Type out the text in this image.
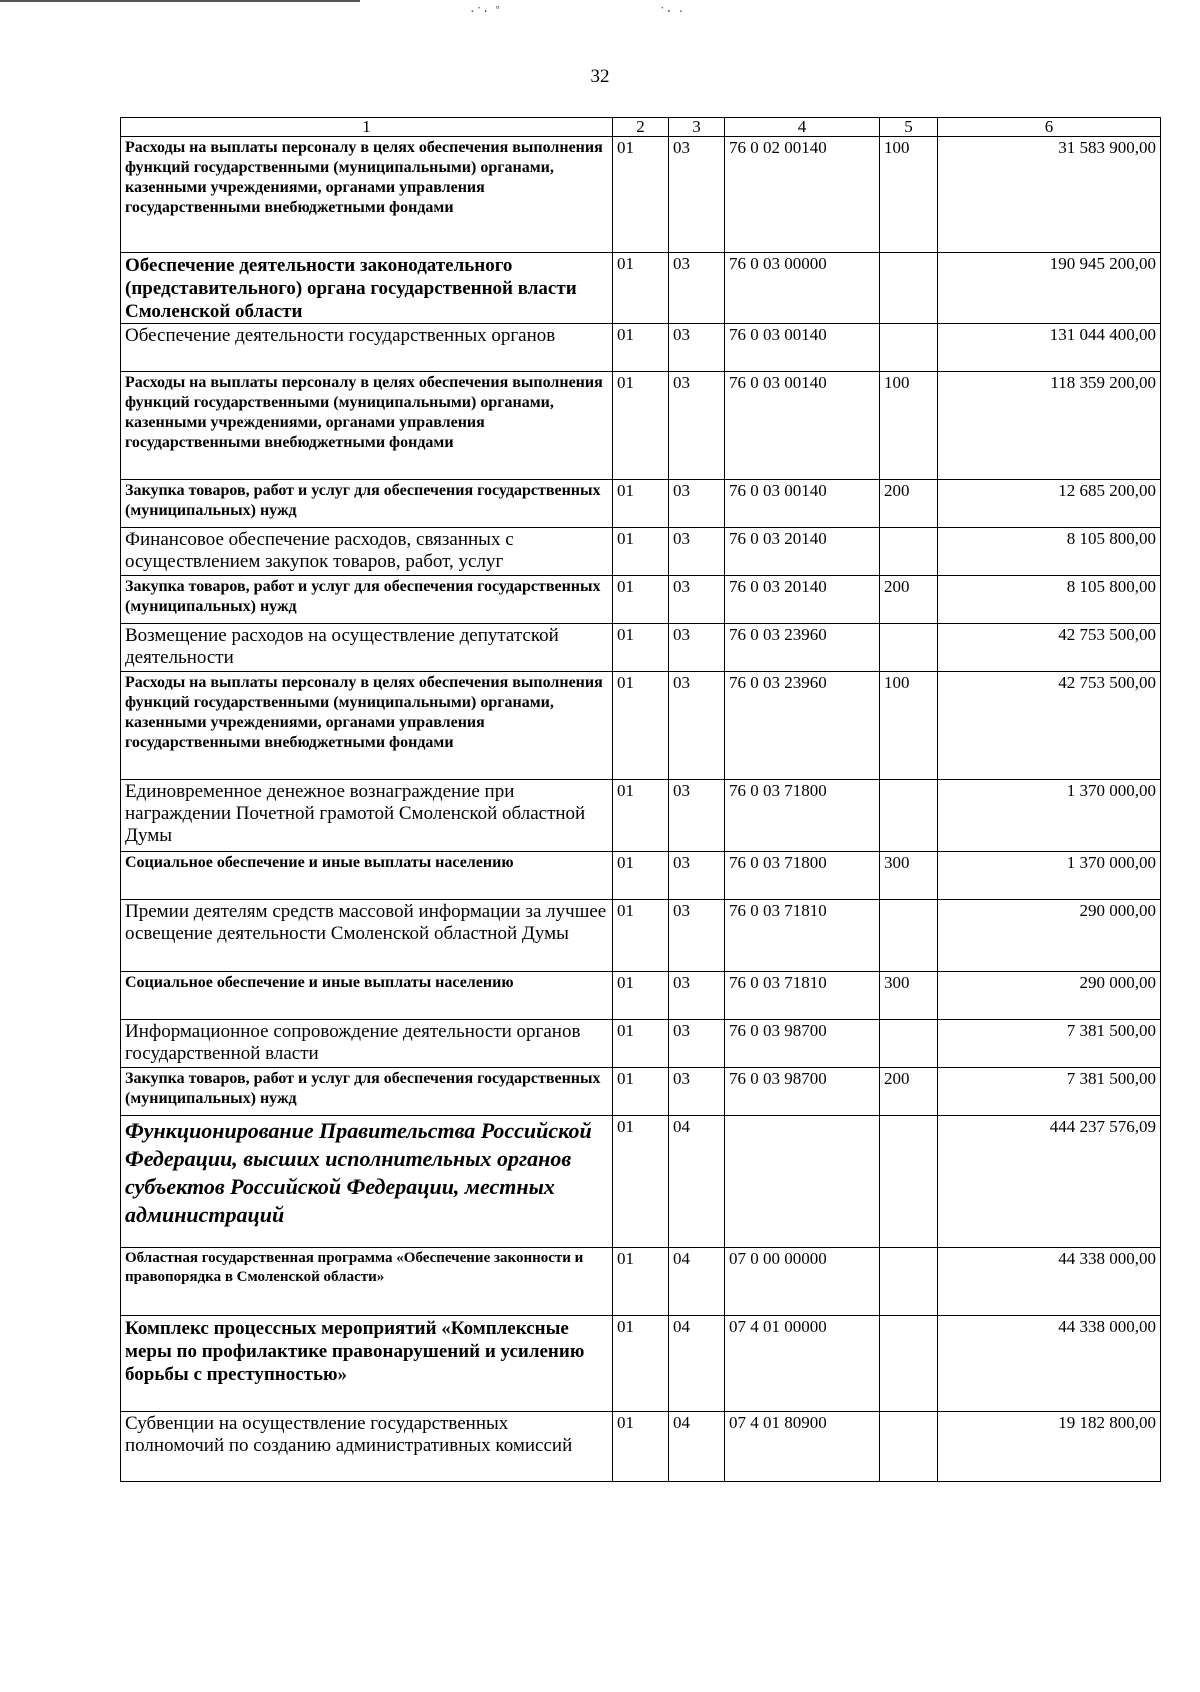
·˙‧ ˚	˙‧ ·
32
1	2	3	4	5	6
Расходы на выплаты персоналу в целях обеспечения выполнения функций государственными (муниципальными) органами, казенными учреждениями, органами управления государственными внебюджетными фондами	01	03	76 0 02 00140	100	31 583 900,00
Обеспечение деятельности законодательного (представительного) органа государственной власти Смоленской области	01	03	76 0 03 00000		190 945 200,00
Обеспечение деятельности государственных органов	01	03	76 0 03 00140		131 044 400,00
Расходы на выплаты персоналу в целях обеспечения выполнения функций государственными (муниципальными) органами, казенными учреждениями, органами управления государственными внебюджетными фондами	01	03	76 0 03 00140	100	118 359 200,00
Закупка товаров, работ и услуг для обеспечения государственных (муниципальных) нужд	01	03	76 0 03 00140	200	12 685 200,00
Финансовое обеспечение расходов, связанных с осуществлением закупок товаров, работ, услуг	01	03	76 0 03 20140		8 105 800,00
Закупка товаров, работ и услуг для обеспечения государственных (муниципальных) нужд	01	03	76 0 03 20140	200	8 105 800,00
Возмещение расходов на осуществление депутатской деятельности	01	03	76 0 03 23960		42 753 500,00
Расходы на выплаты персоналу в целях обеспечения выполнения функций государственными (муниципальными) органами, казенными учреждениями, органами управления государственными внебюджетными фондами	01	03	76 0 03 23960	100	42 753 500,00
Единовременное денежное вознаграждение при награждении Почетной грамотой Смоленской областной Думы	01	03	76 0 03 71800		1 370 000,00
Социальное обеспечение и иные выплаты населению	01	03	76 0 03 71800	300	1 370 000,00
Премии деятелям средств массовой информации за лучшее освещение деятельности Смоленской областной Думы	01	03	76 0 03 71810		290 000,00
Социальное обеспечение и иные выплаты населению	01	03	76 0 03 71810	300	290 000,00
Информационное сопровождение деятельности органов государственной власти	01	03	76 0 03 98700		7 381 500,00
Закупка товаров, работ и услуг для обеспечения государственных (муниципальных) нужд	01	03	76 0 03 98700	200	7 381 500,00
Функционирование Правительства Российской Федерации, высших исполнительных органов субъектов Российской Федерации, местных администраций	01	04			444 237 576,09
Областная государственная программа «Обеспечение законности и правопорядка в Смоленской области»	01	04	07 0 00 00000		44 338 000,00
Комплекс процессных мероприятий «Комплексные меры по профилактике правонарушений и усилению борьбы с преступностью»	01	04	07 4 01 00000		44 338 000,00
Субвенции на осуществление государственных полномочий по созданию административных комиссий	01	04	07 4 01 80900		19 182 800,00
